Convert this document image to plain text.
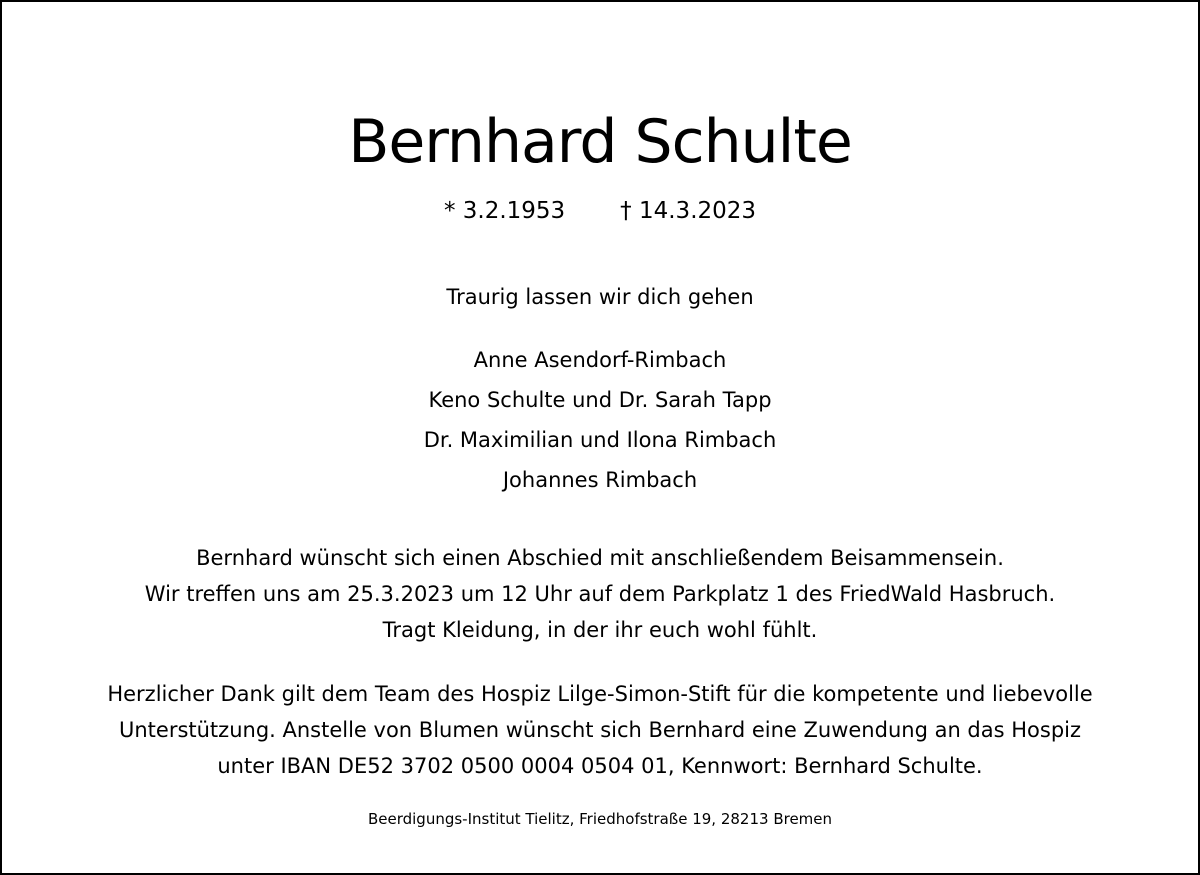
Bernhard Schulte
* 3.2.1953 † 14.3.2023
Traurig lassen wir dich gehen
Anne Asendorf-Rimbach
Keno Schulte und Dr. Sarah Tapp
Dr. Maximilian und Ilona Rimbach
Johannes Rimbach
Bernhard wünscht sich einen Abschied mit anschließendem Beisammensein.
Wir treffen uns am 25.3.2023 um 12 Uhr auf dem Parkplatz 1 des FriedWald Hasbruch.
Tragt Kleidung, in der ihr euch wohl fühlt.
Herzlicher Dank gilt dem Team des Hospiz Lilge-Simon-Stift für die kompetente und liebevolle
Unterstützung. Anstelle von Blumen wünscht sich Bernhard eine Zuwendung an das Hospiz
unter IBAN DE52 3702 0500 0004 0504 01, Kennwort: Bernhard Schulte.
Beerdigungs-Institut Tielitz, Friedhofstraße 19, 28213 Bremen
